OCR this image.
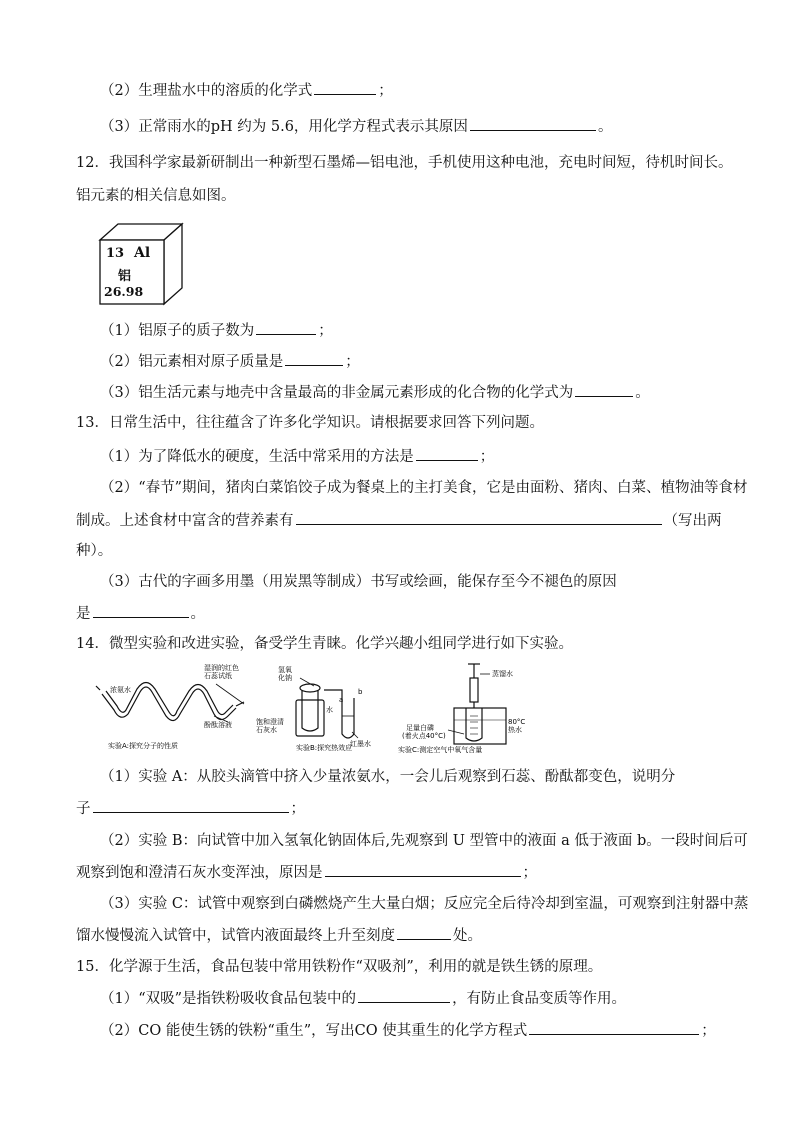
（2）生理盐水中的溶质的化学式	；
（3）正常雨水的pH 约为 5.6，用化学方程式表示其原因	。
12．我国科学家最新研制出一种新型石墨烯—铝电池，手机使用这种电池，充电时间短，待机时间长。
铝元素的相关信息如图。
13 Al
铝
26.98
（1）铝原子的质子数为	；
（2）铝元素相对原子质量是	；
（3）铝生活元素与地壳中含量最高的非金属元素形成的化合物的化学式为	。
13．日常生活中，往往蕴含了许多化学知识。请根据要求回答下列问题。
（1）为了降低水的硬度，生活中常采用的方法是	；
（2）“春节”期间，猪肉白菜馅饺子成为餐桌上的主打美食，它是由面粉、猪肉、白菜、植物油等食材
制成。上述食材中富含的营养素有	（写出两
种）。
（3）古代的字画多用墨（用炭黑等制成）书写或绘画，能保存至今不褪色的原因
是	。
14．微型实验和改进实验，备受学生青睐。化学兴趣小组同学进行如下实验。
浓氨水
湿润的红色
石蕊试纸
酚酞溶液
实验A:探究分子的性质
氢氧
化钠
饱和澄清
石灰水
水
a
b
红墨水
实验B:探究热效应
蒸馏水
足量白磷
(着火点40°C)
80°C
热水
实验C:测定空气中氧气含量
（1）实验 A：从胶头滴管中挤入少量浓氨水，一会儿后观察到石蕊、酚酞都变色，说明分
子	；
（2）实验 B：向试管中加入氢氧化钠固体后,先观察到 U 型管中的液面 a 低于液面 b。一段时间后可
观察到饱和澄清石灰水变浑浊，原因是	；
（3）实验 C：试管中观察到白磷燃烧产生大量白烟；反应完全后待冷却到室温，可观察到注射器中蒸
馏水慢慢流入试管中，试管内液面最终上升至刻度	处。
15．化学源于生活，食品包装中常用铁粉作“双吸剂”，利用的就是铁生锈的原理。
（1）“双吸”是指铁粉吸收食品包装中的	，有防止食品变质等作用。
（2）CO 能使生锈的铁粉“重生”，写出CO 使其重生的化学方程式	；
